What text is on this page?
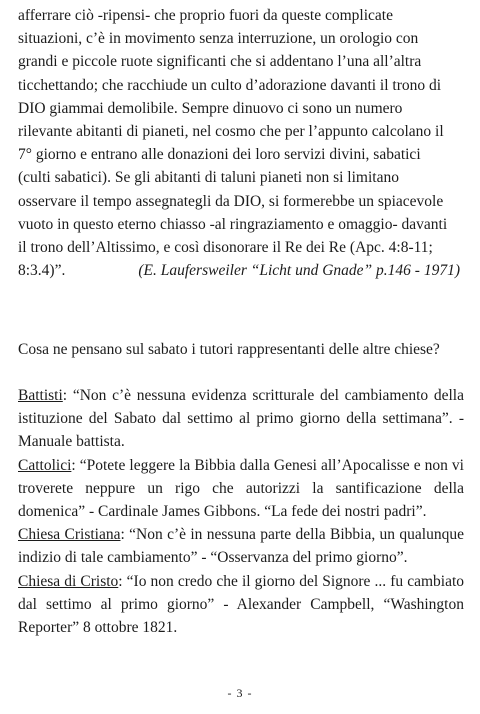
afferrare ciò -ripensi- che proprio fuori da queste complicate
situazioni, c’è in movimento senza interruzione, un orologio con
grandi e piccole ruote significanti che si addentano l’una all’altra
ticchettando; che racchiude un culto d’adorazione davanti il trono di
DIO giammai demolibile. Sempre dinuovo ci sono un numero
rilevante abitanti di pianeti, nel cosmo che per l’appunto calcolano il
7° giorno e entrano alle donazioni dei loro servizi divini, sabatici
(culti sabatici). Se gli abitanti di taluni pianeti non si limitano
osservare il tempo assegnategli da DIO, si formerebbe un spiacevole
vuoto in questo eterno chiasso -al ringraziamento e omaggio- davanti
il trono dell’Altissimo, e così disonorare il Re dei Re (Apc. 4:8-11;
8:3.4)”.	(E. Laufersweiler “Licht und Gnade” p.146 - 1971)

Cosa ne pensano sul sabato i tutori rappresentanti delle altre chiese?

Battisti: “Non c’è nessuna evidenza scritturale del cambiamento della istituzione del Sabato dal settimo al primo giorno della settimana”. - Manuale battista.

Cattolici: “Potete leggere la Bibbia dalla Genesi all’Apocalisse e non vi troverete neppure un rigo che autorizzi la santificazione della domenica” - Cardinale James Gibbons. “La fede dei nostri padri”.

Chiesa Cristiana: “Non c’è in nessuna parte della Bibbia, un qualunque indizio di tale cambiamento” - “Osservanza del primo giorno”.

Chiesa di Cristo: “Io non credo che il giorno del Signore ... fu cambiato dal settimo al primo giorno” - Alexander Campbell, “Washington Reporter” 8 ottobre 1821.

- 3 -
